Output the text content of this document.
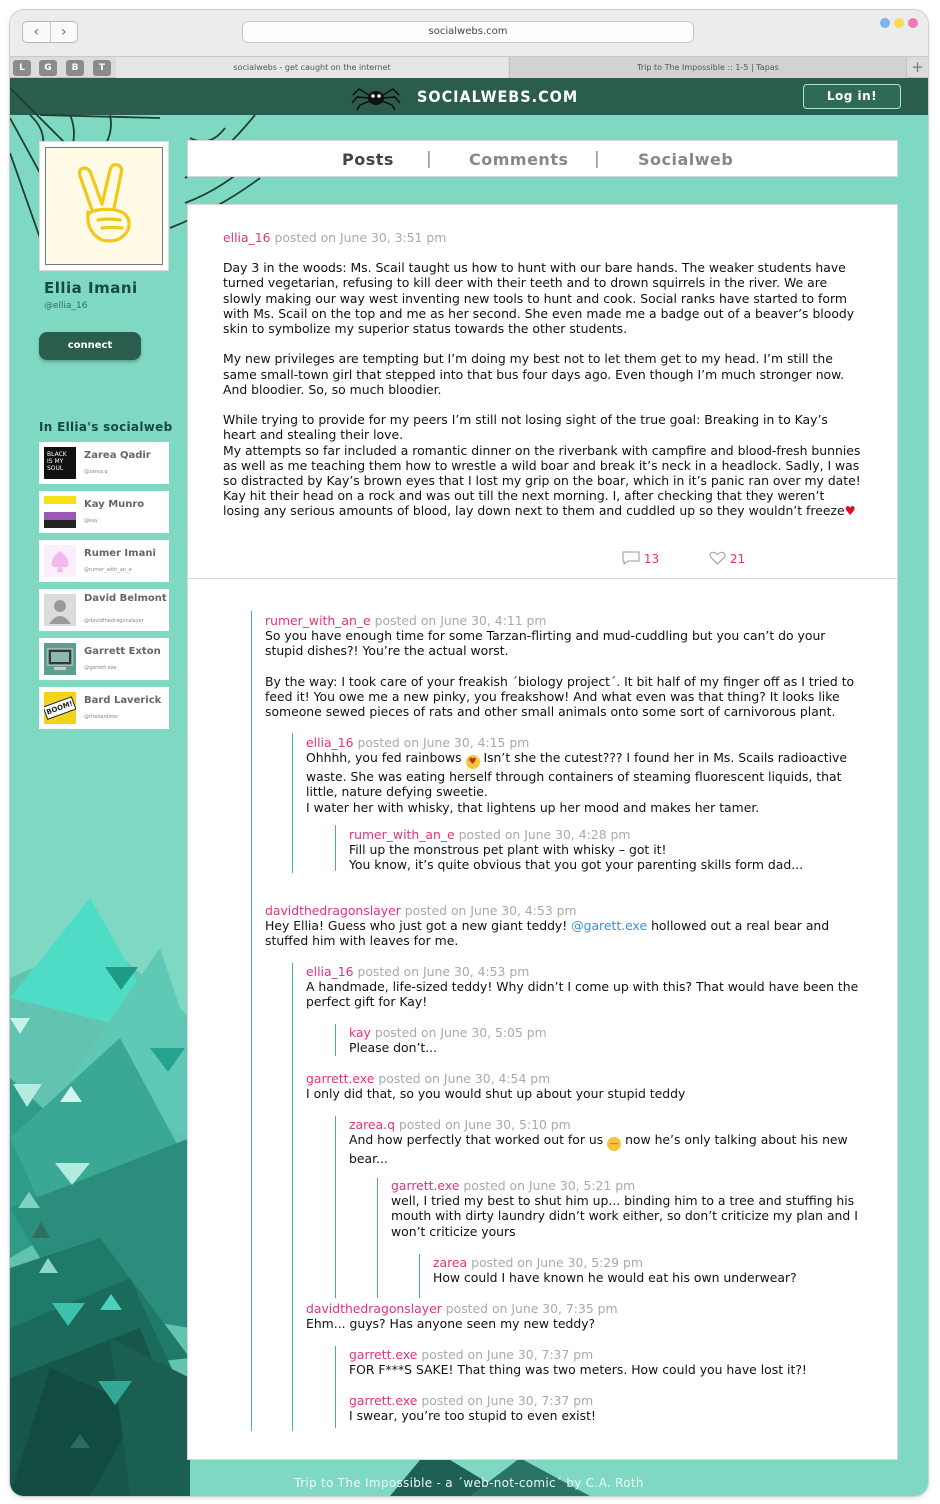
‹	›	socialwebs.com
L	G	B	T	socialwebs - get caught on the internet	Trip to The Impossible :: 1-5 | Tapas	+
SOCIALWEBS.COM	Log in!
Ellia Imani
@ellia_16
connect
In Ellia's socialweb
BLACK IS MY SOUL
Zarea Qadir
@zarea.q
Kay Munro
@kay
Rumer Imani
@rumer_with_an_e
David Belmont
@davidthedragonslayer
Garrett Exton
@garrett.exe
BOOM! Bard Laverick
@thebardster
Posts | Comments | Socialweb
ellia_16 posted on June 30, 3:51 pm

Day 3 in the woods: Ms. Scail taught us how to hunt with our bare hands. The weaker students have turned vegetarian, refusing to kill deer with their teeth and to drown squirrels in the river. We are slowly making our way west inventing new tools to hunt and cook. Social ranks have started to form with Ms. Scail on the top and me as her second. She even made me a badge out of a beaver’s bloody skin to symbolize my superior status towards the other students.

My new privileges are tempting but I’m doing my best not to let them get to my head. I’m still the same small-town girl that stepped into that bus four days ago. Even though I’m much stronger now. And bloodier. So, so much bloodier.

While trying to provide for my peers I’m still not losing sight of the true goal: Breaking in to Kay’s heart and stealing their love.
My attempts so far included a romantic dinner on the riverbank with campfire and blood-fresh bunnies as well as me teaching them how to wrestle a wild boar and break it’s neck in a headlock. Sadly, I was so distracted by Kay’s brown eyes that I lost my grip on the boar, which in it’s panic ran over my date! Kay hit their head on a rock and was out till the next morning. I, after checking that they weren’t losing any serious amounts of blood, lay down next to them and cuddled up so they wouldn’t freeze♥
13	21
rumer_with_an_e posted on June 30, 4:11 pm
So you have enough time for some Tarzan-flirting and mud-cuddling but you can’t do your stupid dishes?! You’re the actual worst.
By the way: I took care of your freakish ´biology project´. It bit half of my finger off as I tried to feed it! You owe me a new pinky, you freakshow! And what even was that thing? It looks like someone sewed pieces of rats and other small animals onto some sort of carnivorous plant.
ellia_16 posted on June 30, 4:15 pm
Ohhhh, you fed rainbows ♥ Isn’t she the cutest??? I found her in Ms. Scails radioactive waste. She was eating herself through containers of steaming fluorescent liquids, that little, nature defying sweetie.
I water her with whisky, that lightens up her mood and makes her tamer.
rumer_with_an_e posted on June 30, 4:28 pm
Fill up the monstrous pet plant with whisky – got it!
You know, it’s quite obvious that you got your parenting skills form dad...
davidthedragonslayer posted on June 30, 4:53 pm
Hey Ellia! Guess who just got a new giant teddy! @garett.exe hollowed out a real bear and stuffed him with leaves for me.
ellia_16 posted on June 30, 4:53 pm
A handmade, life-sized teddy! Why didn’t I come up with this? That would have been the perfect gift for Kay!
kay posted on June 30, 5:05 pm
Please don’t...
garrett.exe posted on June 30, 4:54 pm
I only did that, so you would shut up about your stupid teddy
zarea.q posted on June 30, 5:10 pm
And how perfectly that worked out for us — now he’s only talking about his new bear...
garrett.exe posted on June 30, 5:21 pm
well, I tried my best to shut him up... binding him to a tree and stuffing his mouth with dirty laundry didn’t work either, so don’t criticize my plan and I won’t criticize yours
zarea posted on June 30, 5:29 pm
How could I have known he would eat his own underwear?
davidthedragonslayer posted on June 30, 7:35 pm
Ehm... guys? Has anyone seen my new teddy?
garrett.exe posted on June 30, 7:37 pm
FOR F***S SAKE! That thing was two meters. How could you have lost it?!
garrett.exe posted on June 30, 7:37 pm
I swear, you’re too stupid to even exist!
Trip to The Impossible - a ´web-not-comic´ by C.A. Roth
